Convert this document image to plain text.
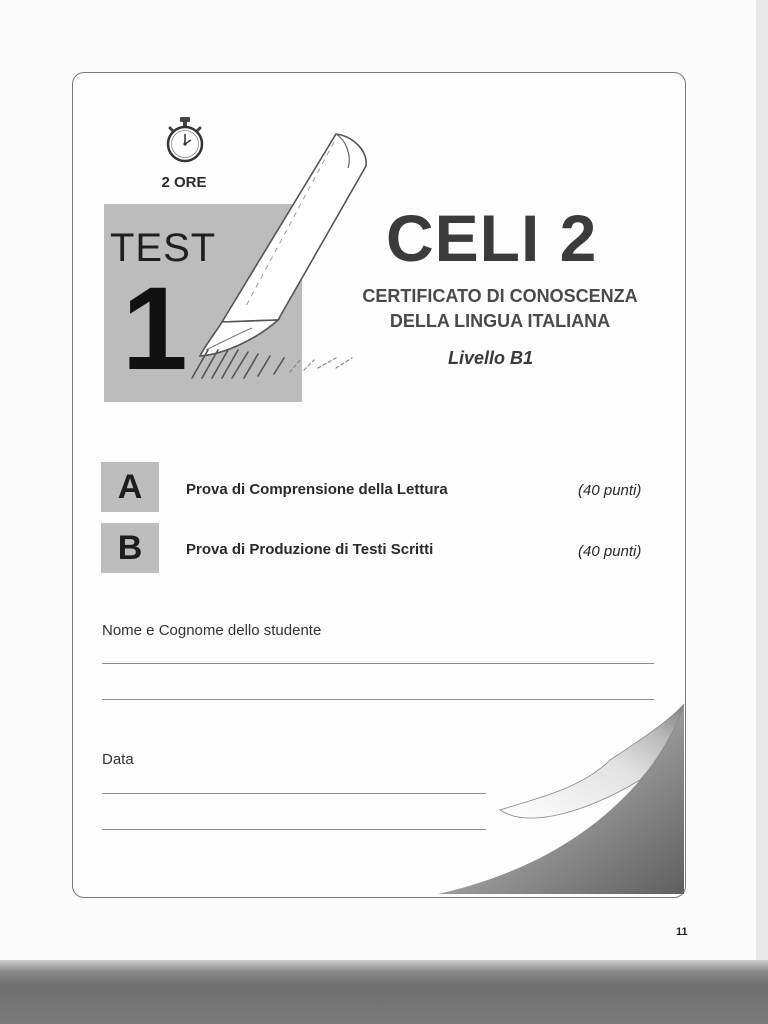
2 ORE
TEST
1
CELI 2
CERTIFICATO DI CONOSCENZA
DELLA LINGUA ITALIANA
Livello B1
A	Prova di Comprensione della Lettura	(40 punti)
B	Prova di Produzione di Testi Scritti	(40 punti)
Nome e Cognome dello studente
Data
11
